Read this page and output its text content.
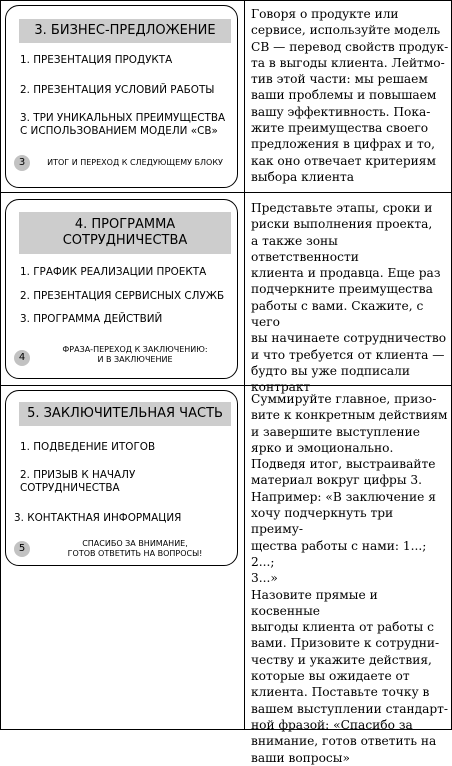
3. БИЗНЕС-ПРЕДЛОЖЕНИЕ
1. ПРЕЗЕНТАЦИЯ ПРОДУКТА
2. ПРЕЗЕНТАЦИЯ УСЛОВИЙ РАБОТЫ
3. ТРИ УНИКАЛЬНЫХ ПРЕИМУЩЕСТВА
С ИСПОЛЬЗОВАНИЕМ МОДЕЛИ «СВ»
3	ИТОГ И ПЕРЕХОД К СЛЕДУЮЩЕМУ БЛОКУ
Говоря о продукте или
сервисе, используйте модель
СВ — перевод свойств продук-
та в выгоды клиента. Лейтмо-
тив этой части: мы решаем
ваши проблемы и повышаем
вашу эффективность. Пока-
жите преимущества своего
предложения в цифрах и то,
как оно отвечает критериям
выбора клиента
4. ПРОГРАММА СОТРУДНИЧЕСТВА
1. ГРАФИК РЕАЛИЗАЦИИ ПРОЕКТА
2. ПРЕЗЕНТАЦИЯ СЕРВИСНЫХ СЛУЖБ
3. ПРОГРАММА ДЕЙСТВИЙ
4
ФРАЗА-ПЕРЕХОД К ЗАКЛЮЧЕНИЮ:
И В ЗАКЛЮЧЕНИЕ
Представьте этапы, сроки и
риски выполнения проекта,
а также зоны ответственности
клиента и продавца. Еще раз
подчеркните преимущества
работы с вами. Скажите, с чего
вы начинаете сотрудничество
и что требуется от клиента —
будто вы уже подписали
контракт
5. ЗАКЛЮЧИТЕЛЬНАЯ ЧАСТЬ
1. ПОДВЕДЕНИЕ ИТОГОВ
2. ПРИЗЫВ К НАЧАЛУ
СОТРУДНИЧЕСТВА
3. КОНТАКТНАЯ ИНФОРМАЦИЯ
5	СПАСИБО ЗА ВНИМАНИЕ,
ГОТОВ ОТВЕТИТЬ НА ВОПРОСЫ!
Суммируйте главное, призо-
вите к конкретным действиям
и завершите выступление
ярко и эмоционально.
Подведя итог, выстраивайте
материал вокруг цифры 3.
Например: «В заключение я
хочу подчеркнуть три преиму-
щества работы с нами: 1...; 2...;
3...»
Назовите прямые и косвенные
выгоды клиента от работы с
вами. Призовите к сотрудни-
честву и укажите действия,
которые вы ожидаете от
клиента. Поставьте точку в
вашем выступлении стандарт-
ной фразой: «Спасибо за
внимание, готов ответить на
ваши вопросы»
